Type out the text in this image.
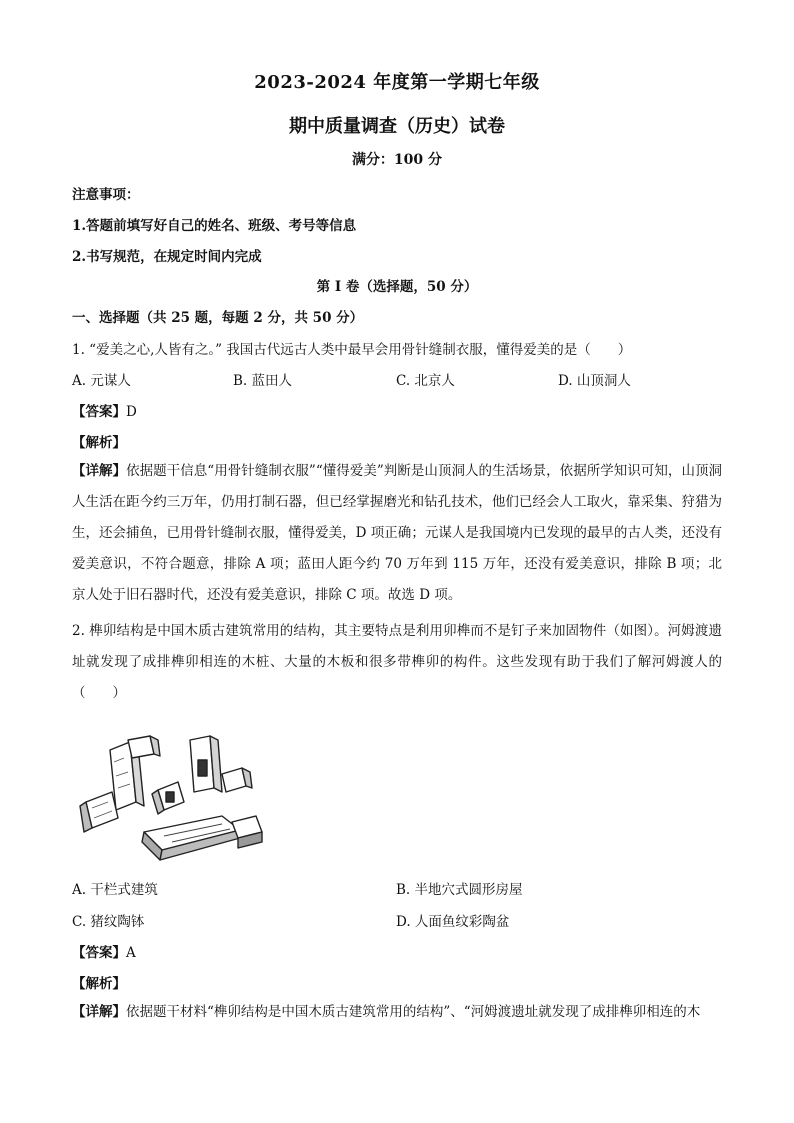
2023-2024 年度第一学期七年级
期中质量调查（历史）试卷
满分：100 分
注意事项：
1.答题前填写好自己的姓名、班级、考号等信息
2.书写规范，在规定时间内完成
第 I 卷（选择题，50 分）
一、选择题（共 25 题，每题 2 分，共 50 分）
1. “爱美之心,人皆有之。” 我国古代远古人类中最早会用骨针缝制衣服，懂得爱美的是（　　）
A. 元谋人	B. 蓝田人	C. 北京人	D. 山顶洞人
【答案】D
【解析】
【详解】依据题干信息“用骨针缝制衣服”“懂得爱美”判断是山顶洞人的生活场景，依据所学知识可知，山顶洞人生活在距今约三万年，仍用打制石器，但已经掌握磨光和钻孔技术，他们已经会人工取火，靠采集、狩猎为生，还会捕鱼，已用骨针缝制衣服，懂得爱美，D 项正确；元谋人是我国境内已发现的最早的古人类，还没有爱美意识，不符合题意，排除 A 项；蓝田人距今约 70 万年到 115 万年，还没有爱美意识，排除 B 项；北京人处于旧石器时代，还没有爱美意识，排除 C 项。故选 D 项。
2. 榫卯结构是中国木质古建筑常用的结构，其主要特点是利用卯榫而不是钉子来加固物件（如图）。河姆渡遗址就发现了成排榫卯相连的木桩、大量的木板和很多带榫卯的构件。这些发现有助于我们了解河姆渡人的（　　）
A. 干栏式建筑	B. 半地穴式圆形房屋
C. 猪纹陶钵	D. 人面鱼纹彩陶盆
【答案】A
【解析】
【详解】依据题干材料“榫卯结构是中国木质古建筑常用的结构”、“河姆渡遗址就发现了成排榫卯相连的木
